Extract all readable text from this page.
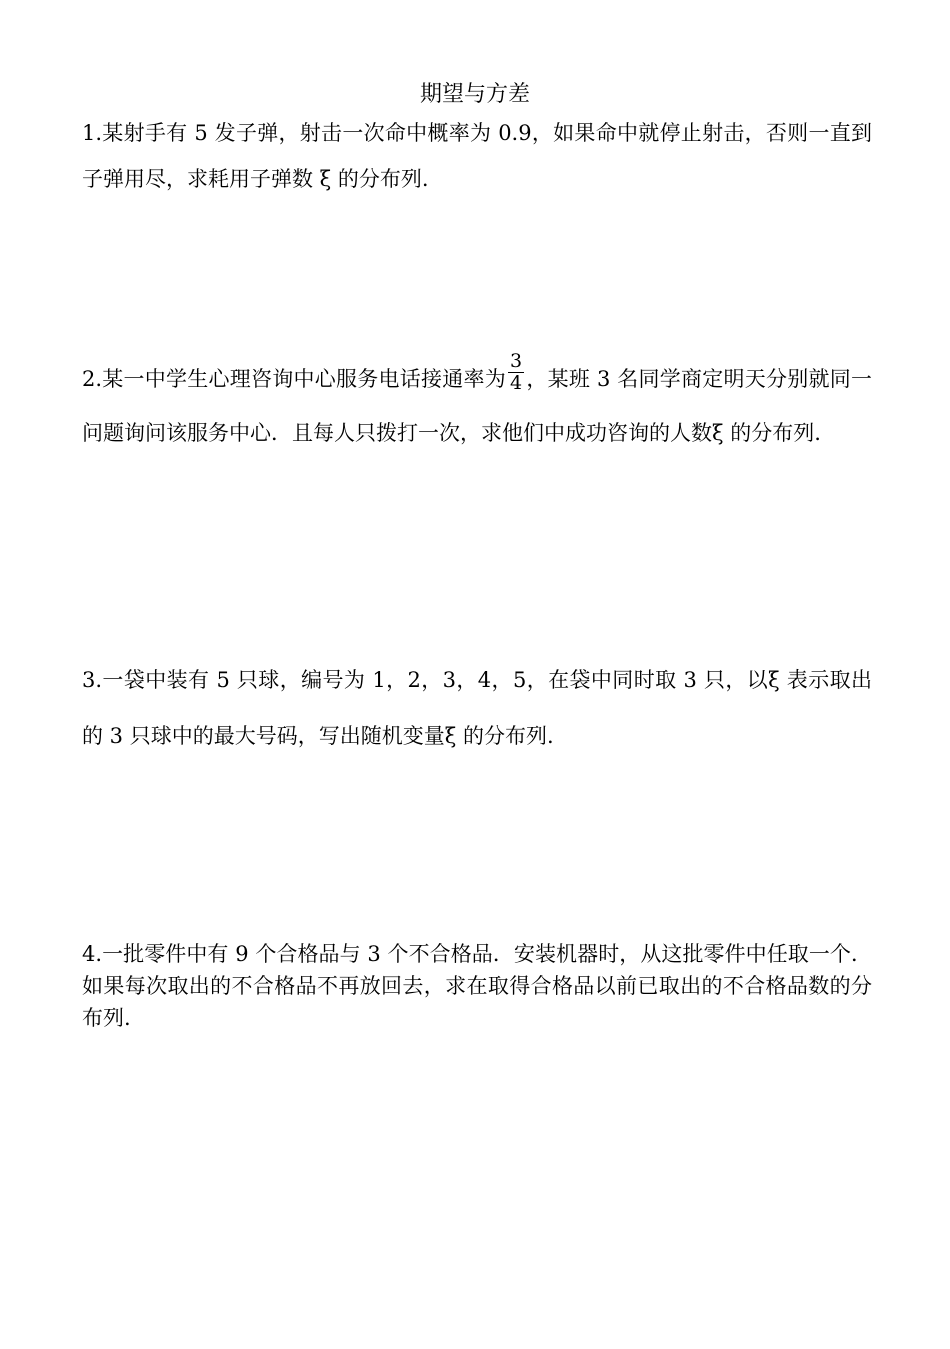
期望与方差
1.某射手有 5 发子弹，射击一次命中概率为 0.9，如果命中就停止射击，否则一直到子弹用尽，求耗用子弹数 ξ 的分布列.
2.某一中学生心理咨询中心服务电话接通率为 $\frac{3}{4}$ ，某班 3 名同学商定明天分别就同一问题询问该服务中心．且每人只拨打一次，求他们中成功咨询的人数ξ 的分布列.
3.一袋中装有 5 只球，编号为 1，2，3，4，5，在袋中同时取 3 只，以ξ 表示取出的 3 只球中的最大号码，写出随机变量ξ 的分布列.
4.一批零件中有 9 个合格品与 3 个不合格品．安装机器时，从这批零件中任取一个．如果每次取出的不合格品不再放回去，求在取得合格品以前已取出的不合格品数的分布列.
